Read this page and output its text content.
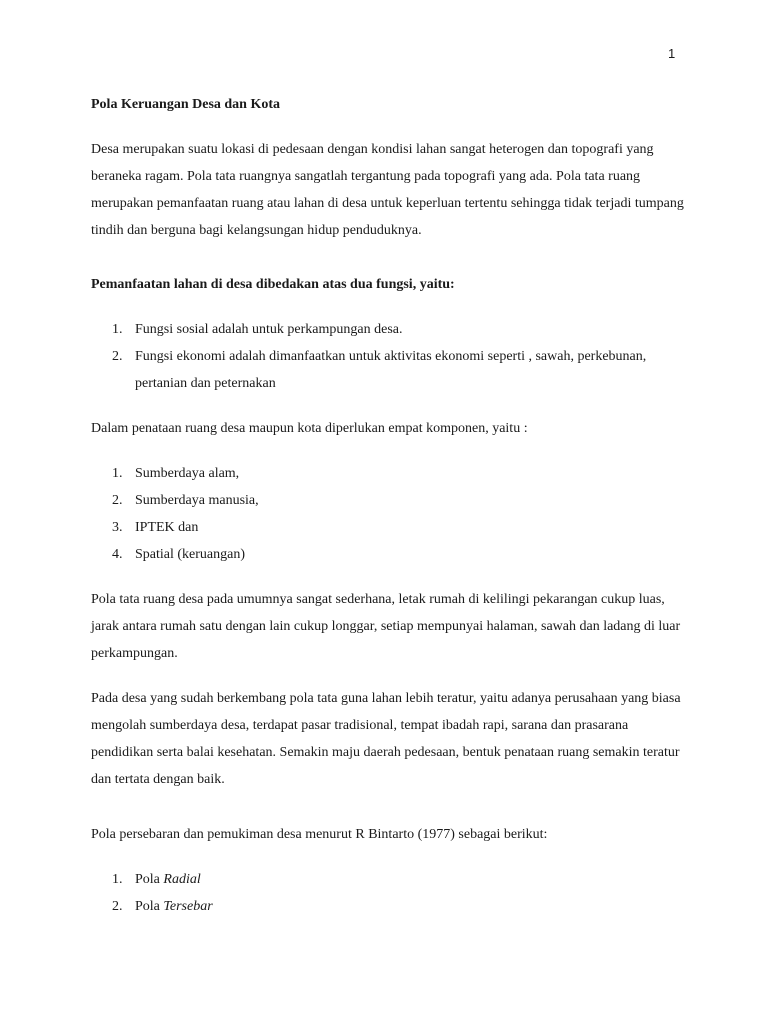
1

Pola Keruangan Desa dan Kota

Desa merupakan suatu lokasi di pedesaan dengan kondisi lahan sangat heterogen dan topografi yang beraneka ragam. Pola tata ruangnya sangatlah tergantung pada topografi yang ada. Pola tata ruang merupakan pemanfaatan ruang atau lahan di desa untuk keperluan tertentu sehingga tidak terjadi tumpang tindih dan berguna bagi kelangsungan hidup penduduknya.

Pemanfaatan lahan di desa dibedakan atas dua fungsi, yaitu:

1. Fungsi sosial adalah untuk perkampungan desa.
2. Fungsi ekonomi adalah dimanfaatkan untuk aktivitas ekonomi seperti , sawah, perkebunan, pertanian dan peternakan

Dalam penataan ruang desa maupun kota diperlukan empat komponen, yaitu :

1. Sumberdaya alam,
2. Sumberdaya manusia,
3. IPTEK dan
4. Spatial (keruangan)

Pola tata ruang desa pada umumnya sangat sederhana, letak rumah di kelilingi pekarangan cukup luas, jarak antara rumah satu dengan lain cukup longgar, setiap mempunyai halaman, sawah dan ladang di luar perkampungan.

Pada desa yang sudah berkembang pola tata guna lahan lebih teratur, yaitu adanya perusahaan yang biasa mengolah sumberdaya desa, terdapat pasar tradisional, tempat ibadah rapi, sarana dan prasarana pendidikan serta balai kesehatan. Semakin maju daerah pedesaan, bentuk penataan ruang semakin teratur dan tertata dengan baik.

Pola persebaran dan pemukiman desa menurut R Bintarto (1977) sebagai berikut:

1. Pola Radial
2. Pola Tersebar
